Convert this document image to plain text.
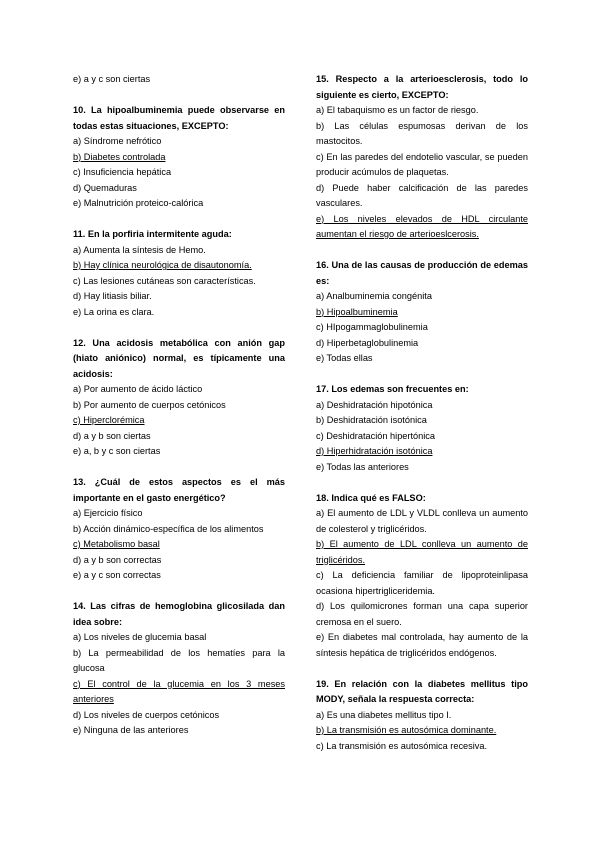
e) a y c son ciertas
10. La hipoalbuminemia puede observarse en todas estas situaciones, EXCEPTO:
a) Síndrome nefrótico
b) Diabetes controlada
c) Insuficiencia hepática
d) Quemaduras
e) Malnutrición proteico-calórica
11. En la porfiria intermitente aguda:
a) Aumenta la síntesis de Hemo.
b) Hay clínica neurológica de disautonomía.
c) Las lesiones cutáneas son características.
d) Hay litiasis biliar.
e) La orina es clara.
12. Una acidosis metabólica con anión gap (hiato aniónico) normal, es típicamente una acidosis:
a) Por aumento de ácido láctico
b) Por aumento de cuerpos cetónicos
c) Hiperclorémica
d) a y b son ciertas
e) a, b y c son ciertas
13. ¿Cuál de estos aspectos es el más importante en el gasto energético?
a) Ejercicio físico
b) Acción dinámico-específica de los alimentos
c) Metabolismo basal
d) a y b son correctas
e) a y c son correctas
14. Las cifras de hemoglobina glicosilada dan idea sobre:
a) Los niveles de glucemia basal
b) La permeabilidad de los hematíes para la glucosa
c) El control de la glucemia en los 3 meses anteriores
d) Los niveles de cuerpos cetónicos
e) Ninguna de las anteriores
15. Respecto a la arterioesclerosis, todo lo siguiente es cierto, EXCEPTO:
a) El tabaquismo es un factor de riesgo.
b) Las células espumosas derivan de los mastocitos.
c) En las paredes del endotelio vascular, se pueden producir acúmulos de plaquetas.
d) Puede haber calcificación de las paredes vasculares.
e) Los niveles elevados de HDL circulante aumentan el riesgo de arterioeslcerosis.
16. Una de las causas de producción de edemas es:
a) Analbuminemia congénita
b) Hipoalbuminemia
c) HIpogammaglobulinemia
d) Hiperbetaglobulinemia
e) Todas ellas
17. Los edemas son frecuentes en:
a) Deshidratación hipotónica
b) Deshidratación isotónica
c) Deshidratación hipertónica
d) Hiperhidratación isotónica
e) Todas las anteriores
18. Indica qué es FALSO:
a) El aumento de LDL y VLDL conlleva un aumento de colesterol y triglicéridos.
b) El aumento de LDL conlleva un aumento de triglicéridos.
c) La deficiencia familiar de lipoproteinlipasa ocasiona hipertrigliceridemia.
d) Los quilomicrones forman una capa superior cremosa en el suero.
e) En diabetes mal controlada, hay aumento de la síntesis hepática de triglicéridos endógenos.
19. En relación con la diabetes mellitus tipo MODY, señala la respuesta correcta:
a) Es una diabetes mellitus tipo I.
b) La transmisión es autosómica dominante.
c) La transmisión es autosómica recesiva.
